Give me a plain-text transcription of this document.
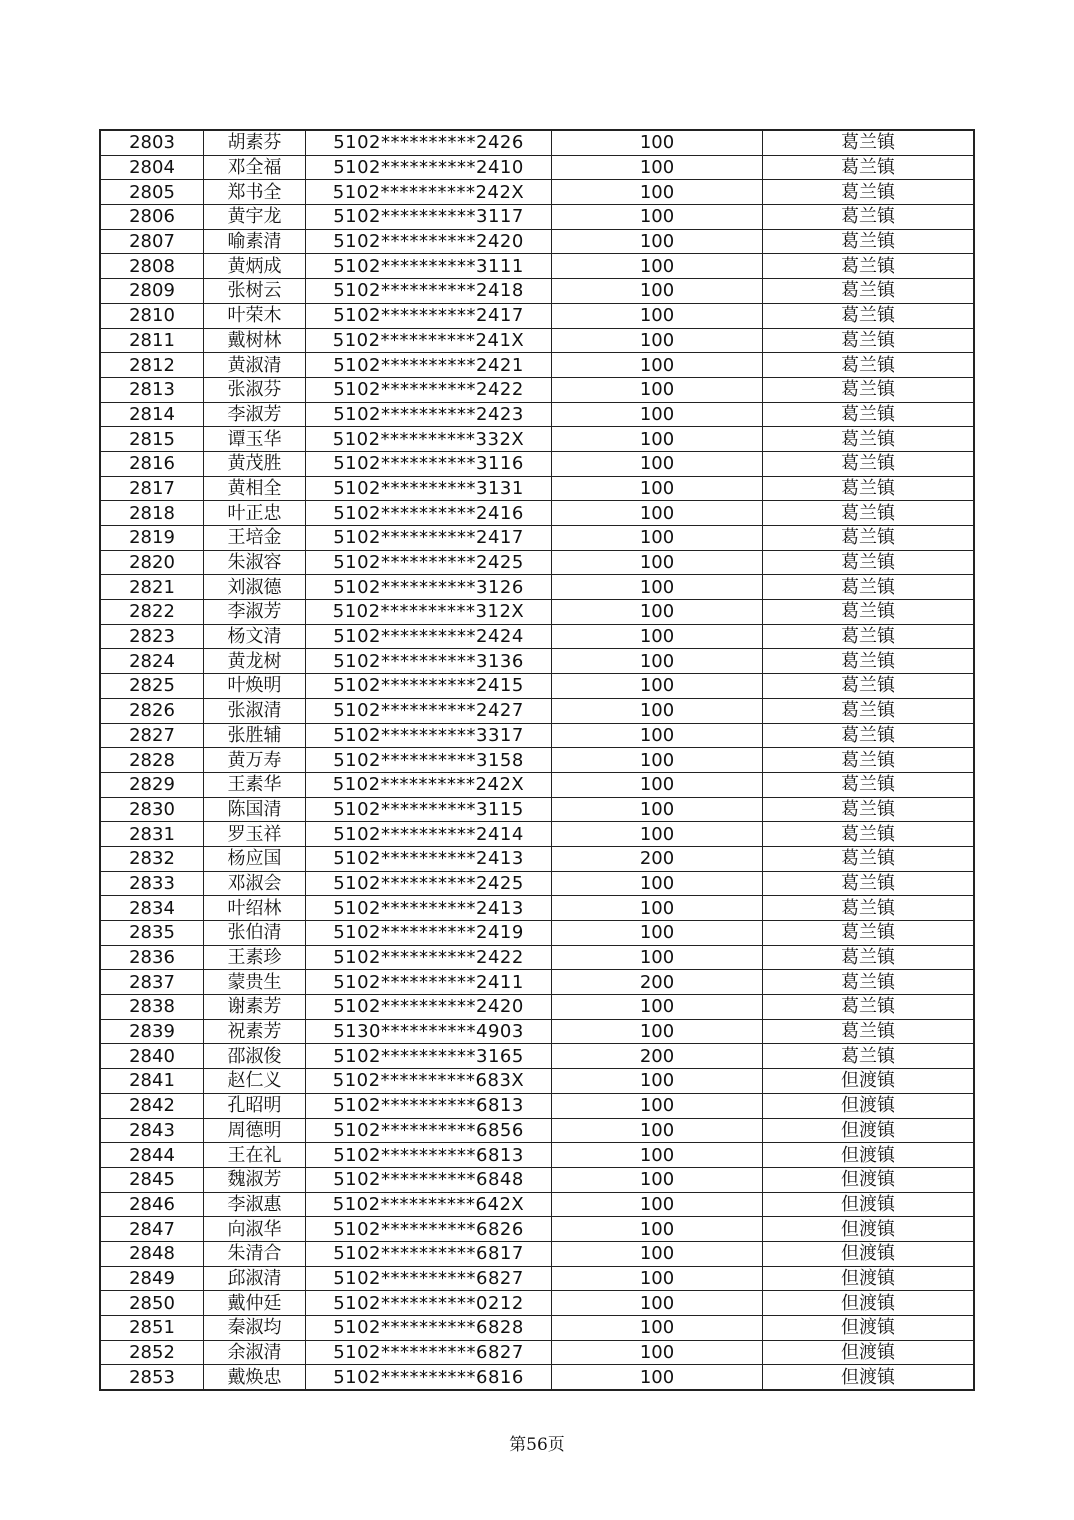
2803	胡素芬	5102**********2426	100	葛兰镇
2804	邓全福	5102**********2410	100	葛兰镇
2805	郑书全	5102**********242X	100	葛兰镇
2806	黄宇龙	5102**********3117	100	葛兰镇
2807	喻素清	5102**********2420	100	葛兰镇
2808	黄炳成	5102**********3111	100	葛兰镇
2809	张树云	5102**********2418	100	葛兰镇
2810	叶荣木	5102**********2417	100	葛兰镇
2811	戴树林	5102**********241X	100	葛兰镇
2812	黄淑清	5102**********2421	100	葛兰镇
2813	张淑芬	5102**********2422	100	葛兰镇
2814	李淑芳	5102**********2423	100	葛兰镇
2815	谭玉华	5102**********332X	100	葛兰镇
2816	黄茂胜	5102**********3116	100	葛兰镇
2817	黄相全	5102**********3131	100	葛兰镇
2818	叶正忠	5102**********2416	100	葛兰镇
2819	王培金	5102**********2417	100	葛兰镇
2820	朱淑容	5102**********2425	100	葛兰镇
2821	刘淑德	5102**********3126	100	葛兰镇
2822	李淑芳	5102**********312X	100	葛兰镇
2823	杨文清	5102**********2424	100	葛兰镇
2824	黄龙树	5102**********3136	100	葛兰镇
2825	叶焕明	5102**********2415	100	葛兰镇
2826	张淑清	5102**********2427	100	葛兰镇
2827	张胜辅	5102**********3317	100	葛兰镇
2828	黄万寿	5102**********3158	100	葛兰镇
2829	王素华	5102**********242X	100	葛兰镇
2830	陈国清	5102**********3115	100	葛兰镇
2831	罗玉祥	5102**********2414	100	葛兰镇
2832	杨应国	5102**********2413	200	葛兰镇
2833	邓淑会	5102**********2425	100	葛兰镇
2834	叶绍林	5102**********2413	100	葛兰镇
2835	张伯清	5102**********2419	100	葛兰镇
2836	王素珍	5102**********2422	100	葛兰镇
2837	蒙贵生	5102**********2411	200	葛兰镇
2838	谢素芳	5102**********2420	100	葛兰镇
2839	祝素芳	5130**********4903	100	葛兰镇
2840	邵淑俊	5102**********3165	200	葛兰镇
2841	赵仁义	5102**********683X	100	但渡镇
2842	孔昭明	5102**********6813	100	但渡镇
2843	周德明	5102**********6856	100	但渡镇
2844	王在礼	5102**********6813	100	但渡镇
2845	魏淑芳	5102**********6848	100	但渡镇
2846	李淑惠	5102**********642X	100	但渡镇
2847	向淑华	5102**********6826	100	但渡镇
2848	朱清合	5102**********6817	100	但渡镇
2849	邱淑清	5102**********6827	100	但渡镇
2850	戴仲廷	5102**********0212	100	但渡镇
2851	秦淑均	5102**********6828	100	但渡镇
2852	余淑清	5102**********6827	100	但渡镇
2853	戴焕忠	5102**********6816	100	但渡镇
第56页
